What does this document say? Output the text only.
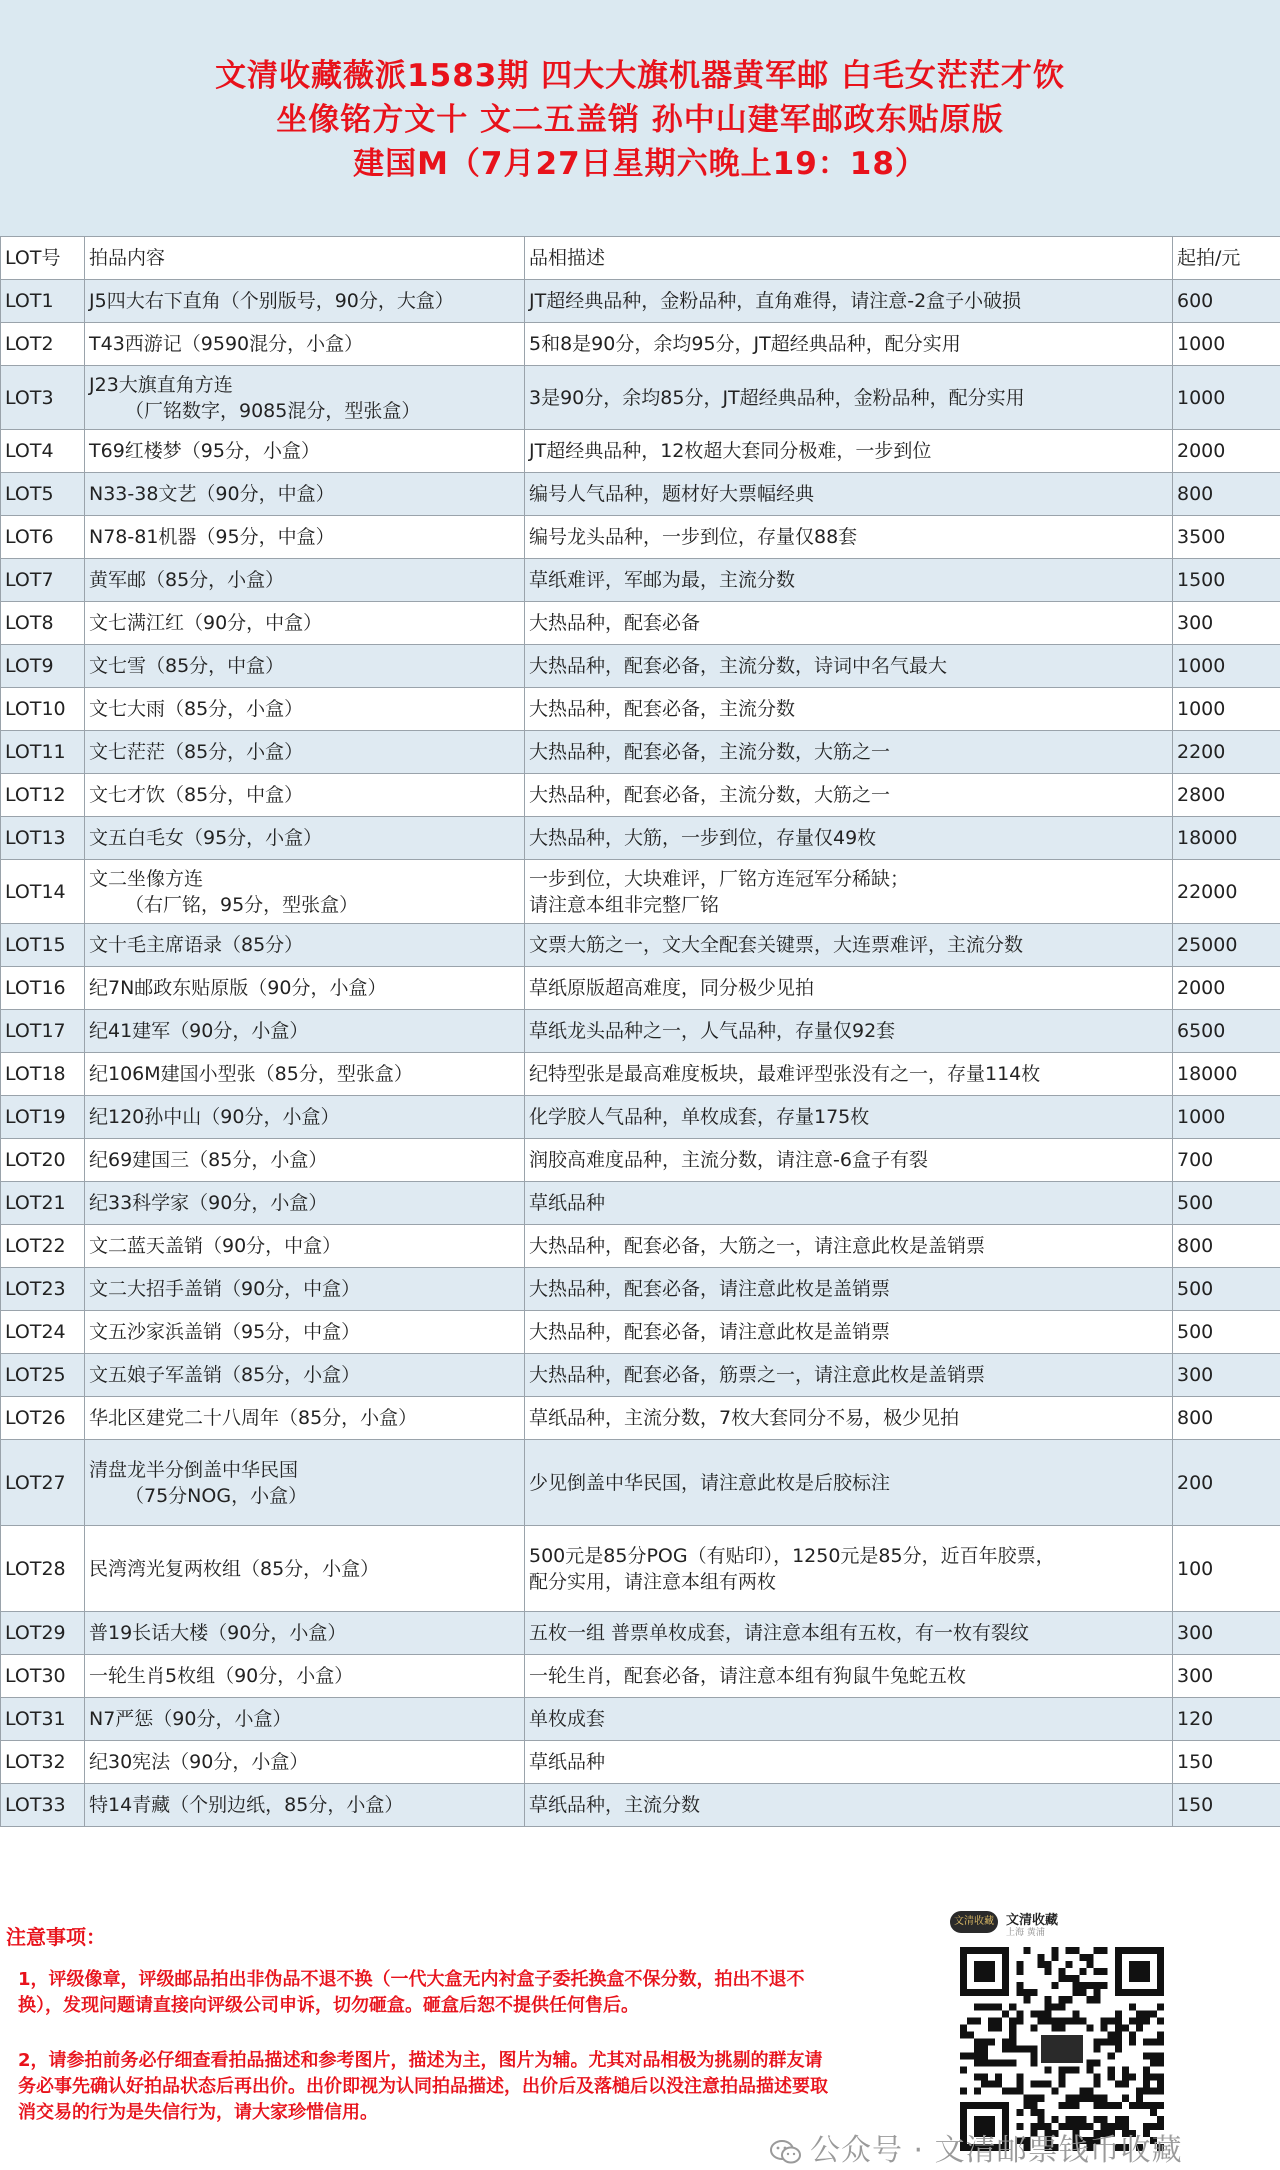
文清收藏薇派1583期 四大大旗机器黄军邮 白毛女茫茫才饮
坐像铭方文十 文二五盖销 孙中山建军邮政东贴原版
建国M（7月27日星期六晚上19：18）
LOT号	拍品内容	品相描述	起拍/元
LOT1	J5四大右下直角（个别版号，90分，大盒）	JT超经典品种，金粉品种，直角难得，请注意-2盒子小破损	600
LOT2	T43西游记（9590混分，小盒）	5和8是90分，余均95分，JT超经典品种，配分实用	1000
LOT3	J23大旗直角方连
（厂铭数字，9085混分，型张盒）	3是90分，余均85分，JT超经典品种，金粉品种，配分实用	1000
LOT4	T69红楼梦（95分，小盒）	JT超经典品种，12枚超大套同分极难，一步到位	2000
LOT5	N33-38文艺（90分，中盒）	编号人气品种，题材好大票幅经典	800
LOT6	N78-81机器（95分，中盒）	编号龙头品种，一步到位，存量仅88套	3500
LOT7	黄军邮（85分，小盒）	草纸难评，军邮为最，主流分数	1500
LOT8	文七满江红（90分，中盒）	大热品种，配套必备	300
LOT9	文七雪（85分，中盒）	大热品种，配套必备，主流分数，诗词中名气最大	1000
LOT10	文七大雨（85分，小盒）	大热品种，配套必备，主流分数	1000
LOT11	文七茫茫（85分，小盒）	大热品种，配套必备，主流分数，大筋之一	2200
LOT12	文七才饮（85分，中盒）	大热品种，配套必备，主流分数，大筋之一	2800
LOT13	文五白毛女（95分，小盒）	大热品种，大筋，一步到位，存量仅49枚	18000
LOT14	文二坐像方连
（右厂铭，95分，型张盒）	一步到位，大块难评，厂铭方连冠军分稀缺；
请注意本组非完整厂铭	22000
LOT15	文十毛主席语录（85分）	文票大筋之一，文大全配套关键票，大连票难评，主流分数	25000
LOT16	纪7N邮政东贴原版（90分，小盒）	草纸原版超高难度，同分极少见拍	2000
LOT17	纪41建军（90分，小盒）	草纸龙头品种之一，人气品种，存量仅92套	6500
LOT18	纪106M建国小型张（85分，型张盒）	纪特型张是最高难度板块，最难评型张没有之一，存量114枚	18000
LOT19	纪120孙中山（90分，小盒）	化学胶人气品种，单枚成套，存量175枚	1000
LOT20	纪69建国三（85分，小盒）	润胶高难度品种，主流分数，请注意-6盒子有裂	700
LOT21	纪33科学家（90分，小盒）	草纸品种	500
LOT22	文二蓝天盖销（90分，中盒）	大热品种，配套必备，大筋之一，请注意此枚是盖销票	800
LOT23	文二大招手盖销（90分，中盒）	大热品种，配套必备，请注意此枚是盖销票	500
LOT24	文五沙家浜盖销（95分，中盒）	大热品种，配套必备，请注意此枚是盖销票	500
LOT25	文五娘子军盖销（85分，小盒）	大热品种，配套必备，筋票之一，请注意此枚是盖销票	300
LOT26	华北区建党二十八周年（85分，小盒）	草纸品种，主流分数，7枚大套同分不易，极少见拍	800
LOT27	清盘龙半分倒盖中华民国
（75分NOG，小盒）	少见倒盖中华民国，请注意此枚是后胶标注	200
LOT28	民湾湾光复两枚组（85分，小盒）	500元是85分POG（有贴印），1250元是85分，近百年胶票，
配分实用，请注意本组有两枚	100
LOT29	普19长话大楼（90分，小盒）	五枚一组 普票单枚成套，请注意本组有五枚，有一枚有裂纹	300
LOT30	一轮生肖5枚组（90分，小盒）	一轮生肖，配套必备，请注意本组有狗鼠牛兔蛇五枚	300
LOT31	N7严惩（90分，小盒）	单枚成套	120
LOT32	纪30宪法（90分，小盒）	草纸品种	150
LOT33	特14青藏（个别边纸，85分，小盒）	草纸品种，主流分数	150
注意事项：
1，评级像章，评级邮品拍出非伪品不退不换（一代大盒无内衬盒子委托换盒不保分数，拍出不退不换），发现问题请直接向评级公司申诉，切勿砸盒。砸盒后恕不提供任何售后。
2，请参拍前务必仔细查看拍品描述和参考图片，描述为主，图片为辅。尤其对品相极为挑剔的群友请务必事先确认好拍品状态后再出价。出价即视为认同拍品描述，出价后及落槌后以没注意拍品描述要取消交易的行为是失信行为，请大家珍惜信用。
文清收藏 文清收藏
上海 黄浦
公众号 · 文清邮票钱币收藏
